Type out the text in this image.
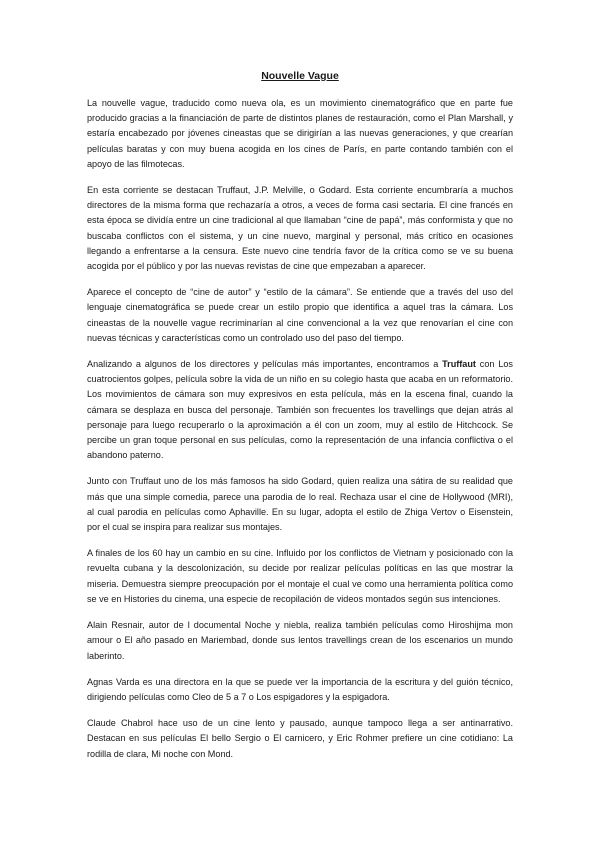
Nouvelle Vague

La nouvelle vague, traducido como nueva ola, es un movimiento cinematográfico que en parte fue producido gracias a la financiación de parte de distintos planes de restauración, como el Plan Marshall, y estaría encabezado por jóvenes cineastas que se dirigirían a las nuevas generaciones, y que crearían películas baratas y con muy buena acogida en los cines de París, en parte contando también con el apoyo de las filmotecas.

En esta corriente se destacan Truffaut, J.P. Melville, o Godard. Esta corriente encumbraría a muchos directores de la misma forma que rechazaría a otros, a veces de forma casi sectaria. El cine francés en esta época se dividía entre un cine tradicional al que llamaban “cine de papá”, más conformista y que no buscaba conflictos con el sistema, y un cine nuevo, marginal y personal, más crítico en ocasiones llegando a enfrentarse a la censura. Este nuevo cine tendría favor de la crítica como se ve su buena acogida por el público y por las nuevas revistas de cine que empezaban a aparecer.

Aparece el concepto de “cine de autor” y “estilo de la cámara”. Se entiende que a través del uso del lenguaje cinematográfica se puede crear un estilo propio que identifica a aquel tras la cámara. Los cineastas de la nouvelle vague recriminarían al cine convencional a la vez que renovarían el cine con nuevas técnicas y características como un controlado uso del paso del tiempo.

Analizando a algunos de los directores y películas más importantes, encontramos a Truffaut con Los cuatrocientos golpes, película sobre la vida de un niño en su colegio hasta que acaba en un reformatorio. Los movimientos de cámara son muy expresivos en esta película, más en la escena final, cuando la cámara se desplaza en busca del personaje. También son frecuentes los travellings que dejan atrás al personaje para luego recuperarlo o la aproximación a él con un zoom, muy al estilo de Hitchcock. Se percibe un gran toque personal en sus películas, como la representación de una infancia conflictiva o el abandono paterno.

Junto con Truffaut uno de los más famosos ha sido Godard, quien realiza una sátira de su realidad que más que una simple comedia, parece una parodia de lo real. Rechaza usar el cine de Hollywood (MRI), al cual parodia en películas como Aphaville. En su lugar, adopta el estilo de Zhiga Vertov o Eisenstein, por el cual se inspira para realizar sus montajes.

A finales de los 60 hay un cambio en su cine. Influido por los conflictos de Vietnam y posicionado con la revuelta cubana y la descolonización, su decide por realizar películas políticas en las que mostrar la miseria. Demuestra siempre preocupación por el montaje el cual ve como una herramienta política como se ve en Histories du cinema, una especie de recopilación de videos montados según sus intenciones.

Alain Resnair, autor de l documental Noche y niebla, realiza también películas como Hiroshijma mon amour o El año pasado en Mariembad, donde sus lentos travellings crean de los escenarios un mundo laberinto.

Agnas Varda es una directora en la que se puede ver la importancia de la escritura y del guión técnico, dirigiendo películas como Cleo de 5 a 7 o Los espigadores y la espigadora.

Claude Chabrol hace uso de un cine lento y pausado, aunque tampoco llega a ser antinarrativo. Destacan en sus películas El bello Sergio o El carnicero, y Eric Rohmer prefiere un cine cotidiano: La rodilla de clara, Mi noche con Mond.
